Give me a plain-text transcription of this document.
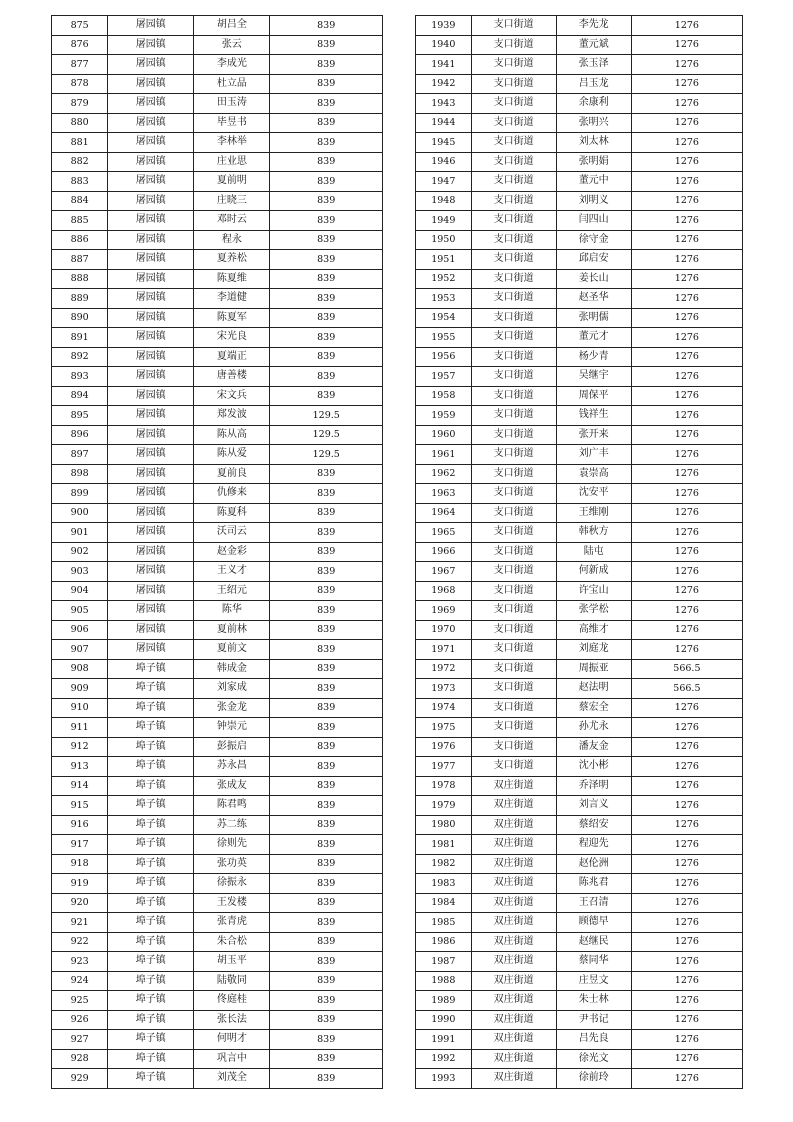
875	屠园镇	胡吕全	839
876	屠园镇	张云	839
877	屠园镇	李成光	839
878	屠园镇	杜立品	839
879	屠园镇	田玉涛	839
880	屠园镇	毕昱书	839
881	屠园镇	李林举	839
882	屠园镇	庄业思	839
883	屠园镇	夏前明	839
884	屠园镇	庄晓三	839
885	屠园镇	邓时云	839
886	屠园镇	程永	839
887	屠园镇	夏养松	839
888	屠园镇	陈夏维	839
889	屠园镇	李道健	839
890	屠园镇	陈夏军	839
891	屠园镇	宋光良	839
892	屠园镇	夏端正	839
893	屠园镇	唐善楼	839
894	屠园镇	宋文兵	839
895	屠园镇	郑发波	129.5
896	屠园镇	陈从高	129.5
897	屠园镇	陈从爱	129.5
898	屠园镇	夏前良	839
899	屠园镇	仇修来	839
900	屠园镇	陈夏科	839
901	屠园镇	沃司云	839
902	屠园镇	赵金彩	839
903	屠园镇	王义才	839
904	屠园镇	王绍元	839
905	屠园镇	陈华	839
906	屠园镇	夏前林	839
907	屠园镇	夏前文	839
908	埠子镇	韩成金	839
909	埠子镇	刘家成	839
910	埠子镇	张金龙	839
911	埠子镇	钟崇元	839
912	埠子镇	彭振启	839
913	埠子镇	苏永昌	839
914	埠子镇	张成友	839
915	埠子镇	陈君鸣	839
916	埠子镇	苏二练	839
917	埠子镇	徐则先	839
918	埠子镇	张功英	839
919	埠子镇	徐振永	839
920	埠子镇	王发楼	839
921	埠子镇	张青虎	839
922	埠子镇	朱合松	839
923	埠子镇	胡玉平	839
924	埠子镇	陆敬同	839
925	埠子镇	佟庭桂	839
926	埠子镇	张长法	839
927	埠子镇	何明才	839
928	埠子镇	巩言中	839
929	埠子镇	刘茂全	839
1939	支口街道	李先龙	1276
1940	支口街道	董元斌	1276
1941	支口街道	张玉泽	1276
1942	支口街道	吕玉龙	1276
1943	支口街道	余康利	1276
1944	支口街道	张明兴	1276
1945	支口街道	刘太林	1276
1946	支口街道	张明娟	1276
1947	支口街道	董元中	1276
1948	支口街道	刘明义	1276
1949	支口街道	闫四山	1276
1950	支口街道	徐守金	1276
1951	支口街道	邱启安	1276
1952	支口街道	姜长山	1276
1953	支口街道	赵圣华	1276
1954	支口街道	张明儒	1276
1955	支口街道	董元才	1276
1956	支口街道	杨少青	1276
1957	支口街道	吴继宇	1276
1958	支口街道	周保平	1276
1959	支口街道	钱祥生	1276
1960	支口街道	张开来	1276
1961	支口街道	刘广丰	1276
1962	支口街道	袁崇高	1276
1963	支口街道	沈安平	1276
1964	支口街道	王维刚	1276
1965	支口街道	韩秋方	1276
1966	支口街道	陆屯	1276
1967	支口街道	何新成	1276
1968	支口街道	许宝山	1276
1969	支口街道	张学松	1276
1970	支口街道	高维才	1276
1971	支口街道	刘庭龙	1276
1972	支口街道	周振亚	566.5
1973	支口街道	赵法明	566.5
1974	支口街道	蔡宏全	1276
1975	支口街道	孙尤永	1276
1976	支口街道	潘友金	1276
1977	支口街道	沈小彬	1276
1978	双庄街道	乔泽明	1276
1979	双庄街道	刘言义	1276
1980	双庄街道	蔡绍安	1276
1981	双庄街道	程迎先	1276
1982	双庄街道	赵伦洲	1276
1983	双庄街道	陈兆君	1276
1984	双庄街道	王召清	1276
1985	双庄街道	顾德早	1276
1986	双庄街道	赵继民	1276
1987	双庄街道	蔡同华	1276
1988	双庄街道	庄昱文	1276
1989	双庄街道	朱士林	1276
1990	双庄街道	尹书记	1276
1991	双庄街道	吕先良	1276
1992	双庄街道	徐光文	1276
1993	双庄街道	徐前玲	1276
